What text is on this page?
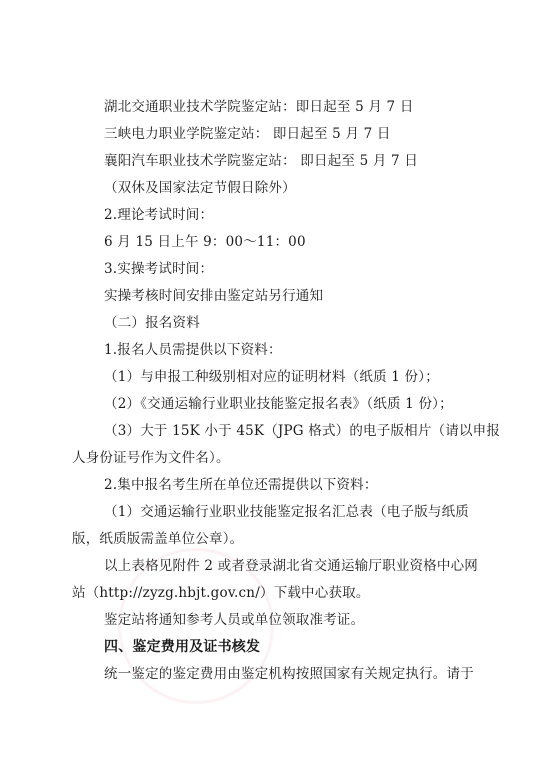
湖北交通职业技术学院鉴定站：即日起至 5 月 7 日
三峡电力职业学院鉴定站： 即日起至 5 月 7 日
襄阳汽车职业技术学院鉴定站： 即日起至 5 月 7 日
（双休及国家法定节假日除外）
2.理论考试时间：
6 月 15 日上午 9：00～11：00
3.实操考试时间：
实操考核时间安排由鉴定站另行通知
（二）报名资料
1.报名人员需提供以下资料：
（1）与申报工种级别相对应的证明材料（纸质 1 份）；
（2）《交通运输行业职业技能鉴定报名表》（纸质 1 份）；
（3）大于 15K 小于 45K（JPG 格式）的电子版相片（请以申报
人身份证号作为文件名）。
2.集中报名考生所在单位还需提供以下资料：
（1）交通运输行业职业技能鉴定报名汇总表（电子版与纸质
版，纸质版需盖单位公章）。
以上表格见附件 2 或者登录湖北省交通运输厅职业资格中心网
站（http://zyzg.hbjt.gov.cn/）下载中心获取。
鉴定站将通知参考人员或单位领取准考证。
四、鉴定费用及证书核发
统一鉴定的鉴定费用由鉴定机构按照国家有关规定执行。请于
